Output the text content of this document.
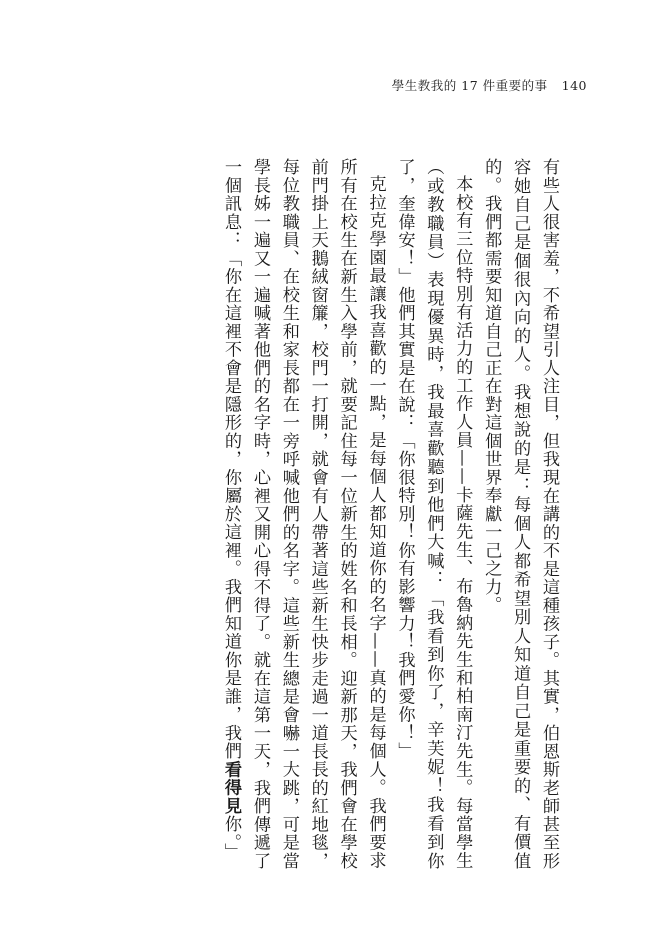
學生教我的 17 件重要的事 140

有些人很害羞，不希望引人注目，但我現在講的不是這種孩子。其實，伯恩斯老師甚至形容她自己是個很內向的人。我想說的是：每個人都希望別人知道自己是重要的、有價值的。我們都需要知道自己正在對這個世界奉獻一己之力。

本校有三位特別有活力的工作人員——卡薩先生、布魯納先生和柏南汀先生。每當學生（或教職員）表現優異時，我最喜歡聽到他們大喊：「我看到你了，辛芙妮！我看到你了，奎偉安！」他們其實是在說：「你很特別！你有影響力！我們愛你！」

克拉克學園最讓我喜歡的一點，是每個人都知道你的名字——真的是每個人。我們要求所有在校生在新生入學前，就要記住每一位新生的姓名和長相。迎新那天，我們會在學校前門掛上天鵝絨窗簾，校門一打開，就會有人帶著這些新生快步走過一道長長的紅地毯，每位教職員、在校生和家長都在一旁呼喊他們的名字。這些新生總是會嚇一大跳，可是當學長姊一遍又一遍喊著他們的名字時，心裡又開心得不得了。就在這第一天，我們傳遞了一個訊息：「你在這裡不會是隱形的，你屬於這裡。我們知道你是誰，我們看得見你。」
